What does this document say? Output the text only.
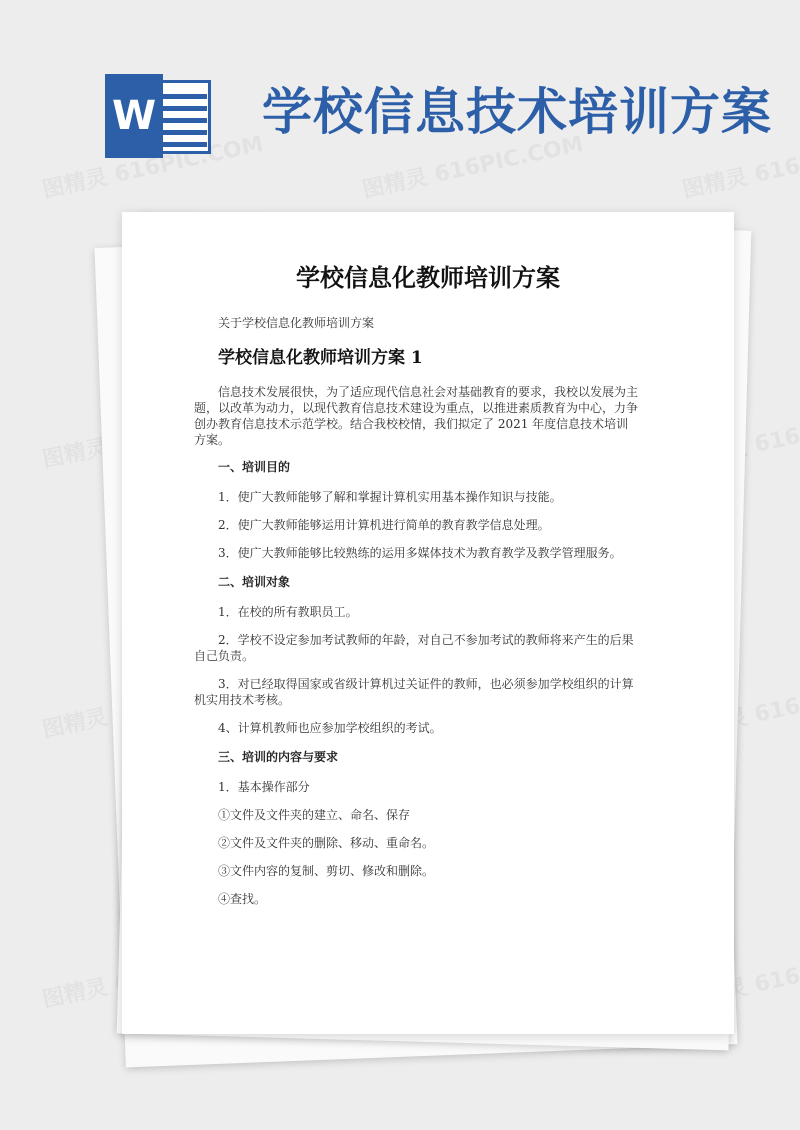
W 学校信息技术培训方案
学校信息化教师培训方案
关于学校信息化教师培训方案
学校信息化教师培训方案 1
信息技术发展很快，为了适应现代信息社会对基础教育的要求，我校以发展为主题，以改革为动力，以现代教育信息技术建设为重点，以推进素质教育为中心，力争创办教育信息技术示范学校。结合我校校情，我们拟定了 2021 年度信息技术培训方案。
一、培训目的
1．使广大教师能够了解和掌握计算机实用基本操作知识与技能。
2．使广大教师能够运用计算机进行简单的教育教学信息处理。
3．使广大教师能够比较熟练的运用多媒体技术为教育教学及教学管理服务。
二、培训对象
1．在校的所有教职员工。
2．学校不设定参加考试教师的年龄，对自己不参加考试的教师将来产生的后果自己负责。
3．对已经取得国家或省级计算机过关证件的教师，也必须参加学校组织的计算机实用技术考核。
4、计算机教师也应参加学校组织的考试。
三、培训的内容与要求
1．基本操作部分
①文件及文件夹的建立、命名、保存
②文件及文件夹的删除、移动、重命名。
③文件内容的复制、剪切、修改和删除。
④查找。
